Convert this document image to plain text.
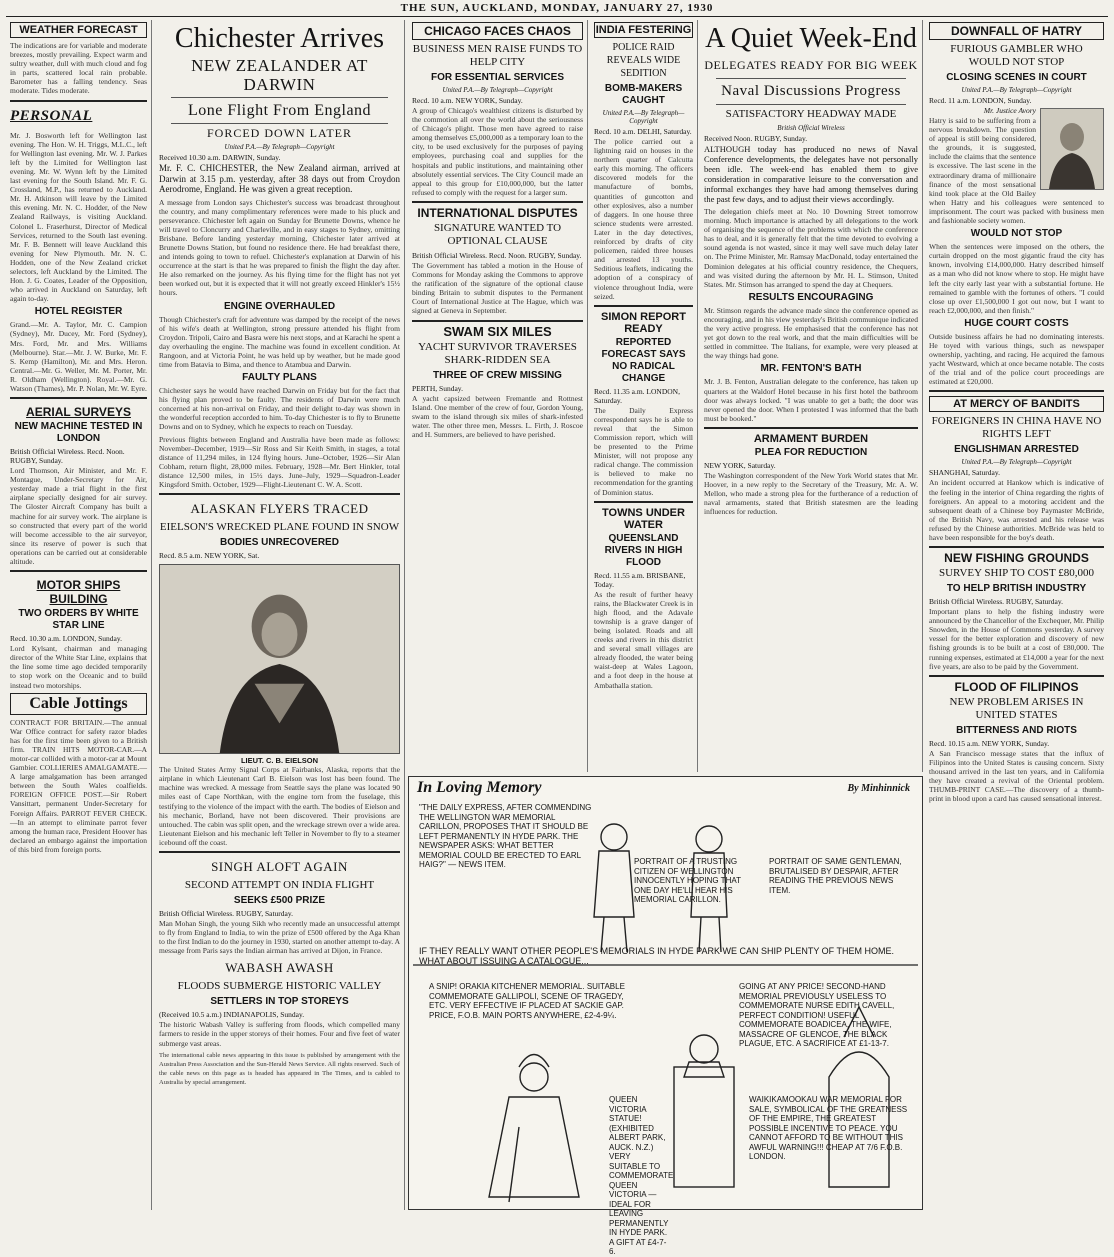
THE SUN, AUCKLAND, MONDAY, JANUARY 27, 1930
WEATHER FORECAST
The indications are for variable and moderate breezes, mostly prevailing. Expect warm and sultry weather, dull with much cloud and fog in parts, scattered local rain probable. Barometer has a falling tendency. Seas moderate. Tides moderate.
PERSONAL
Mr. J. Bosworth left for Wellington last evening. The Hon. W. H. Triggs, M.L.C., left for Wellington last evening. Mr. W. J. Parkes left by the Limited for Wellington last evening. Mr. W. Wynn left by the Limited last evening for the South Island. Mr. F. G. Crossland, M.P., has returned to Auckland. Mr. H. Atkinson will leave by the Limited this evening. Mr. N. C. Hodder, of the New Zealand Railways, is visiting Auckland. Colonel L. Fraserhurst, Director of Medical Services, returned to the South last evening. Mr. F. B. Bennett will leave Auckland this evening for New Plymouth. Mr. N. C. Hodden, one of the New Zealand cricket selectors, left Auckland by the Limited. The Hon. J. G. Coates, Leader of the Opposition, who arrived in Auckland on Saturday, left again to-day.
HOTEL REGISTER
Grand.—Mr. A. Taylor, Mr. C. Campion (Sydney), Mr. Ducey, Mr. Ford (Sydney), Mrs. Ford, Mr. and Mrs. Williams (Melbourne). Star.—Mr. J. W. Burke, Mr. F. S. Kemp (Hamilton), Mr. and Mrs. Heron. Central.—Mr. G. Weller, Mr. M. Porter, Mr. R. Oldham (Wellington). Royal.—Mr. G. Watson (Thames), Mr. P. Nolan, Mr. W. Eyre.
AERIAL SURVEYS
NEW MACHINE TESTED IN LONDON
British Official Wireless. Recd. Noon. RUGBY, Sunday.
Lord Thomson, Air Minister, and Mr. F. Montague, Under-Secretary for Air, yesterday made a trial flight in the first airplane specially designed for air survey. The Gloster Aircraft Company has built a machine for air survey work. The airplane is so constructed that every part of the world will become accessible to the air surveyor, since its reserve of power is such that operations can be carried out at considerable altitude.
MOTOR SHIPS BUILDING
TWO ORDERS BY WHITE STAR LINE
Recd. 10.30 a.m. LONDON, Sunday.
Lord Kylsant, chairman and managing director of the White Star Line, explains that the line some time ago decided temporarily to stop work on the Oceanic and to build instead two motorships.
Cable Jottings
CONTRACT FOR BRITAIN.—The annual War Office contract for safety razor blades has for the first time been given to a British firm. TRAIN HITS MOTOR-CAR.—A motor-car collided with a motor-car at Mount Gambier. COLLIERIES AMALGAMATE.—A large amalgamation has been arranged between the South Wales coalfields. FOREIGN OFFICE POST.—Sir Robert Vansittart, permanent Under-Secretary for Foreign Affairs. PARROT FEVER CHECK.—In an attempt to eliminate parrot fever among the human race, President Hoover has declared an embargo against the importation of this bird from foreign ports.
Chichester Arrives
NEW ZEALANDER AT DARWIN
Lone Flight From England
FORCED DOWN LATER
United P.A.—By Telegraph—Copyright
Received 10.30 a.m. DARWIN, Sunday.
Mr. F. C. CHICHESTER, the New Zealand airman, arrived at Darwin at 3.15 p.m. yesterday, after 38 days out from Croydon Aerodrome, England. He was given a great reception.
A message from London says Chichester's success was broadcast throughout the country, and many complimentary references were made to his pluck and perseverance. Chichester left again on Sunday for Brunette Downs, whence he will travel to Cloncurry and Charleville, and in easy stages to Sydney, omitting Brisbane. Before landing yesterday morning, Chichester later arrived at Brunette Downs Station, but found no residence there. He had breakfast there, and intends going to town to refuel. Chichester's explanation at Darwin of his occurrence at the start is that he was prepared to finish the flight the day after. He also remarked on the journey. As his flying time for the flight has not yet been worked out, but it is expected that it will not greatly exceed Hinkler's 15½ hours.
ENGINE OVERHAULED
Though Chichester's craft for adventure was damped by the receipt of the news of his wife's death at Wellington, strong pressure attended his flight from Croydon. Tripoli, Cairo and Basra were his next stops, and at Karachi he spent a day overhauling the engine. The machine was found in excellent condition. At Rangoon, and at Victoria Point, he was held up by weather, but he made good time from Batavia to Bima, and thence to Atambua and Darwin.
FAULTY PLANS
Chichester says he would have reached Darwin on Friday but for the fact that his flying plan proved to be faulty. The residents of Darwin were much concerned at his non-arrival on Friday, and their delight to-day was shown in the wonderful reception accorded to him. To-day Chichester is to fly to Brunette Downs and on to Sydney, which he expects to reach on Tuesday.
Previous flights between England and Australia have been made as follows: November–December, 1919—Sir Ross and Sir Keith Smith, in stages, a total distance of 11,294 miles, in 124 flying hours. June–October, 1926—Sir Alan Cobham, return flight, 28,000 miles. February, 1928—Mr. Bert Hinkler, total distance 12,500 miles, in 15½ days. June–July, 1929—Squadron-Leader Kingsford Smith. October, 1929—Flight-Lieutenant C. W. A. Scott.
ALASKAN FLYERS TRACED
EIELSON'S WRECKED PLANE FOUND IN SNOW
BODIES UNRECOVERED
Recd. 8.5 a.m. NEW YORK, Sat.
LIEUT. C. B. EIELSON
The United States Army Signal Corps at Fairbanks, Alaska, reports that the airplane in which Lieutenant Carl B. Eielson was lost has been found. The machine was wrecked. A message from Seattle says the plane was located 90 miles east of Cape Northkan, with the engine torn from the fuselage, this testifying to the violence of the impact with the earth. The bodies of Eielson and his mechanic, Borland, have not been discovered. Their provisions are untouched. The cabin was split open, and the wreckage strewn over a wide area. Lieutenant Eielson and his mechanic left Teller in November to fly to a steamer icebound off the coast.
SINGH ALOFT AGAIN
SECOND ATTEMPT ON INDIA FLIGHT
SEEKS £500 PRIZE
British Official Wireless. RUGBY, Saturday.
Man Mohan Singh, the young Sikh who recently made an unsuccessful attempt to fly from England to India, to win the prize of £500 offered by the Aga Khan to the first Indian to do the journey in 1930, started on another attempt to-day. A message from Paris says the Indian airman has arrived at Dijon, in France.
WABASH AWASH
FLOODS SUBMERGE HISTORIC VALLEY
SETTLERS IN TOP STOREYS
(Received 10.5 a.m.) INDIANAPOLIS, Sunday.
The historic Wabash Valley is suffering from floods, which compelled many farmers to reside in the upper storeys of their homes. Four and five feet of water submerge vast areas.
The international cable news appearing in this issue is published by arrangement with the Australian Press Association and the Sun-Herald News Service. All rights reserved. Such of the cable news on this page as is headed has appeared in The Times, and is cabled to Australia by special arrangement.
CHICAGO FACES CHAOS
BUSINESS MEN RAISE FUNDS TO HELP CITY
FOR ESSENTIAL SERVICES
United P.A.—By Telegraph—Copyright
Recd. 10 a.m. NEW YORK, Sunday.
A group of Chicago's wealthiest citizens is disturbed by the commotion all over the world about the seriousness of Chicago's plight. Those men have agreed to raise among themselves £5,000,000 as a temporary loan to the city, to be used exclusively for the purposes of paying employees, purchasing coal and supplies for the hospitals and public institutions, and maintaining other absolutely essential services. The City Council made an appeal to this group for £10,000,000, but the latter refused to comply with the request for a larger sum.
INTERNATIONAL DISPUTES
SIGNATURE WANTED TO OPTIONAL CLAUSE
British Official Wireless. Recd. Noon. RUGBY, Sunday.
The Government has tabled a motion in the House of Commons for Monday asking the Commons to approve the ratification of the signature of the optional clause binding Britain to submit disputes to the Permanent Court of International Justice at The Hague, which was signed at Geneva in September.
SWAM SIX MILES
YACHT SURVIVOR TRAVERSES SHARK-RIDDEN SEA
THREE OF CREW MISSING
PERTH, Sunday.
A yacht capsized between Fremantle and Rottnest Island. One member of the crew of four, Gordon Young, swam to the island through six miles of shark-infested water. The other three men, Messrs. L. Firth, J. Roscoe and H. Summers, are believed to have perished.
INDIA FESTERING
POLICE RAID REVEALS WIDE SEDITION
BOMB-MAKERS CAUGHT
United P.A.—By Telegraph—Copyright
Recd. 10 a.m. DELHI, Saturday.
The police carried out a lightning raid on houses in the northern quarter of Calcutta early this morning. The officers discovered models for the manufacture of bombs, quantities of guncotton and other explosives, also a number of daggers. In one house three science students were arrested. Later in the day detectives, reinforced by drafts of city policemen, raided three houses and arrested 13 youths. Seditious leaflets, indicating the adoption of a conspiracy of violence throughout India, were seized.
SIMON REPORT READY
REPORTED FORECAST SAYS NO RADICAL CHANGE
Recd. 11.35 a.m. LONDON, Saturday.
The Daily Express correspondent says he is able to reveal that the Simon Commission report, which will be presented to the Prime Minister, will not propose any radical change. The commission is believed to make no recommendation for the granting of Dominion status.
TOWNS UNDER WATER
QUEENSLAND RIVERS IN HIGH FLOOD
Recd. 11.55 a.m. BRISBANE, Today.
As the result of further heavy rains, the Blackwater Creek is in high flood, and the Adavale township is a grave danger of being isolated. Roads and all creeks and rivers in this district and several small villages are already flooded, the water being waist-deep at Wales Lagoon, and a foot deep in the house at Ambathalla station.
A Quiet Week-End
DELEGATES READY FOR BIG WEEK
Naval Discussions Progress
SATISFACTORY HEADWAY MADE
British Official Wireless
Received Noon. RUGBY, Sunday.
ALTHOUGH today has produced no news of Naval Conference developments, the delegates have not personally been idle. The week-end has enabled them to give consideration in comparative leisure to the conversation and informal exchanges they have had among themselves during the past few days, and to adjust their views accordingly.
The delegation chiefs meet at No. 10 Downing Street tomorrow morning. Much importance is attached by all delegations to the work of organising the sequence of the problems with which the conference has to deal, and it is generally felt that the time devoted to evolving a sound agenda is not wasted, since it may well save much delay later on. The Prime Minister, Mr. Ramsay MacDonald, today entertained the Dominion delegates at his official country residence, the Chequers, and was visited during the afternoon by Mr. H. L. Stimson, United States. Mr. Stimson has arranged to spend the day at Chequers.
RESULTS ENCOURAGING
Mr. Stimson regards the advance made since the conference opened as encouraging, and in his view yesterday's British communique indicated the very active progress. He emphasised that the conference has not yet got down to the real work, and that the main difficulties will be settled in committee. The Italians, for example, were very pleased at the way things had gone.
MR. FENTON'S BATH
Mr. J. B. Fenton, Australian delegate to the conference, has taken up quarters at the Waldorf Hotel because in his first hotel the bathroom door was always locked. "I was unable to get a bath; the door was never opened the door. When I protested I was informed that the bath must be booked."
ARMAMENT BURDEN
PLEA FOR REDUCTION
NEW YORK, Saturday.
The Washington correspondent of the New York World states that Mr. Hoover, in a new reply to the Secretary of the Treasury, Mr. A. W. Mellon, who made a strong plea for the furtherance of a reduction of naval armaments, stated that British statesmen are the leading influences for reduction.
DOWNFALL OF HATRY
FURIOUS GAMBLER WHO WOULD NOT STOP
CLOSING SCENES IN COURT
United P.A.—By Telegraph—Copyright
Recd. 11 a.m. LONDON, Sunday.
Mr. Justice Avory
Hatry is said to be suffering from a nervous breakdown. The question of appeal is still being considered, the grounds, it is suggested, include the claims that the sentence is excessive. The last scene in the extraordinary drama of millionaire finance of the most sensational kind took place at the Old Bailey when Hatry and his colleagues were sentenced to imprisonment. The court was packed with business men and fashionable society women.
WOULD NOT STOP
When the sentences were imposed on the others, the curtain dropped on the most gigantic fraud the city has known, involving £14,000,000. Hatry described himself as a man who did not know where to stop. He might have left the city early last year with a substantial fortune. He remained to gamble with the fortunes of others. "I could close up over £1,500,000 I got out now, but I want to reach £2,000,000, and then finish."
HUGE COURT COSTS
Outside business affairs he had no dominating interests. He toyed with various things, such as newspaper ownership, yachting, and racing. He acquired the famous yacht Westward, which at once became notable. The costs of the trial and of the police court proceedings are estimated at £20,000.
AT MERCY OF BANDITS
FOREIGNERS IN CHINA HAVE NO RIGHTS LEFT
ENGLISHMAN ARRESTED
United P.A.—By Telegraph—Copyright
SHANGHAI, Saturday.
An incident occurred at Hankow which is indicative of the feeling in the interior of China regarding the rights of foreigners. An appeal to a motoring accident and the subsequent death of a Chinese boy Paymaster McBride, of the British Navy, was arrested and his release was refused by the Chinese authorities. McBride was held to have been responsible for the boy's death.
NEW FISHING GROUNDS
SURVEY SHIP TO COST £80,000
TO HELP BRITISH INDUSTRY
British Official Wireless. RUGBY, Saturday.
Important plans to help the fishing industry were announced by the Chancellor of the Exchequer, Mr. Philip Snowden, in the House of Commons yesterday. A survey vessel for the better exploration and discovery of new fishing grounds is to be built at a cost of £80,000. The running expenses, estimated at £14,000 a year for the next five years, are also to be paid by the Government.
FLOOD OF FILIPINOS
NEW PROBLEM ARISES IN UNITED STATES
BITTERNESS AND RIOTS
Recd. 10.15 a.m. NEW YORK, Sunday.
A San Francisco message states that the influx of Filipinos into the United States is causing concern. Sixty thousand arrived in the last ten years, and in California they have created a revival of the Oriental problem. THUMB-PRINT CASE.—The discovery of a thumb-print in blood upon a card has caused sensational interest.
In Loving Memory	By Minhinnick
"THE DAILY EXPRESS, AFTER COMMENDING THE WELLINGTON WAR MEMORIAL CARILLON, PROPOSES THAT IT SHOULD BE LEFT PERMANENTLY IN HYDE PARK. THE NEWSPAPER ASKS: WHAT BETTER MEMORIAL COULD BE ERECTED TO EARL HAIG?" — NEWS ITEM.	PORTRAIT OF A TRUSTING CITIZEN OF WELLINGTON INNOCENTLY HOPING THAT ONE DAY HE'LL HEAR HIS MEMORIAL CARILLON.
PORTRAIT OF SAME GENTLEMAN, BRUTALISED BY DESPAIR, AFTER READING THE PREVIOUS NEWS ITEM.
IF THEY REALLY WANT OTHER PEOPLE'S MEMORIALS IN HYDE PARK WE CAN SHIP PLENTY OF THEM HOME. WHAT ABOUT ISSUING A CATALOGUE...
A SNIP! ORAKIA KITCHENER MEMORIAL. SUITABLE COMMEMORATE GALLIPOLI, SCENE OF TRAGEDY, ETC. VERY EFFECTIVE IF PLACED AT SACKIE GAP. PRICE, F.O.B. MAIN PORTS ANYWHERE, £2-4-9¼.
GOING AT ANY PRICE! SECOND-HAND MEMORIAL PREVIOUSLY USELESS TO COMMEMORATE NURSE EDITH CAVELL, PERFECT CONDITION! USEFUL COMMEMORATE BOADICEA, THE WIFE, MASSACRE OF GLENCOE, THE BLACK PLAGUE, ETC. A SACRIFICE AT £1-13-7.
QUEEN VICTORIA STATUE! (EXHIBITED ALBERT PARK, AUCK. N.Z.) VERY SUITABLE TO COMMEMORATE QUEEN VICTORIA — IDEAL FOR LEAVING PERMANENTLY IN HYDE PARK. A GIFT AT £4-7-6.
WAIKIKAMOOKAU WAR MEMORIAL FOR SALE, SYMBOLICAL OF THE GREATNESS OF THE EMPIRE, THE GREATEST POSSIBLE INCENTIVE TO PEACE. YOU CANNOT AFFORD TO BE WITHOUT THIS AWFUL WARNING!!! CHEAP AT 7/6 F.O.B. LONDON.
